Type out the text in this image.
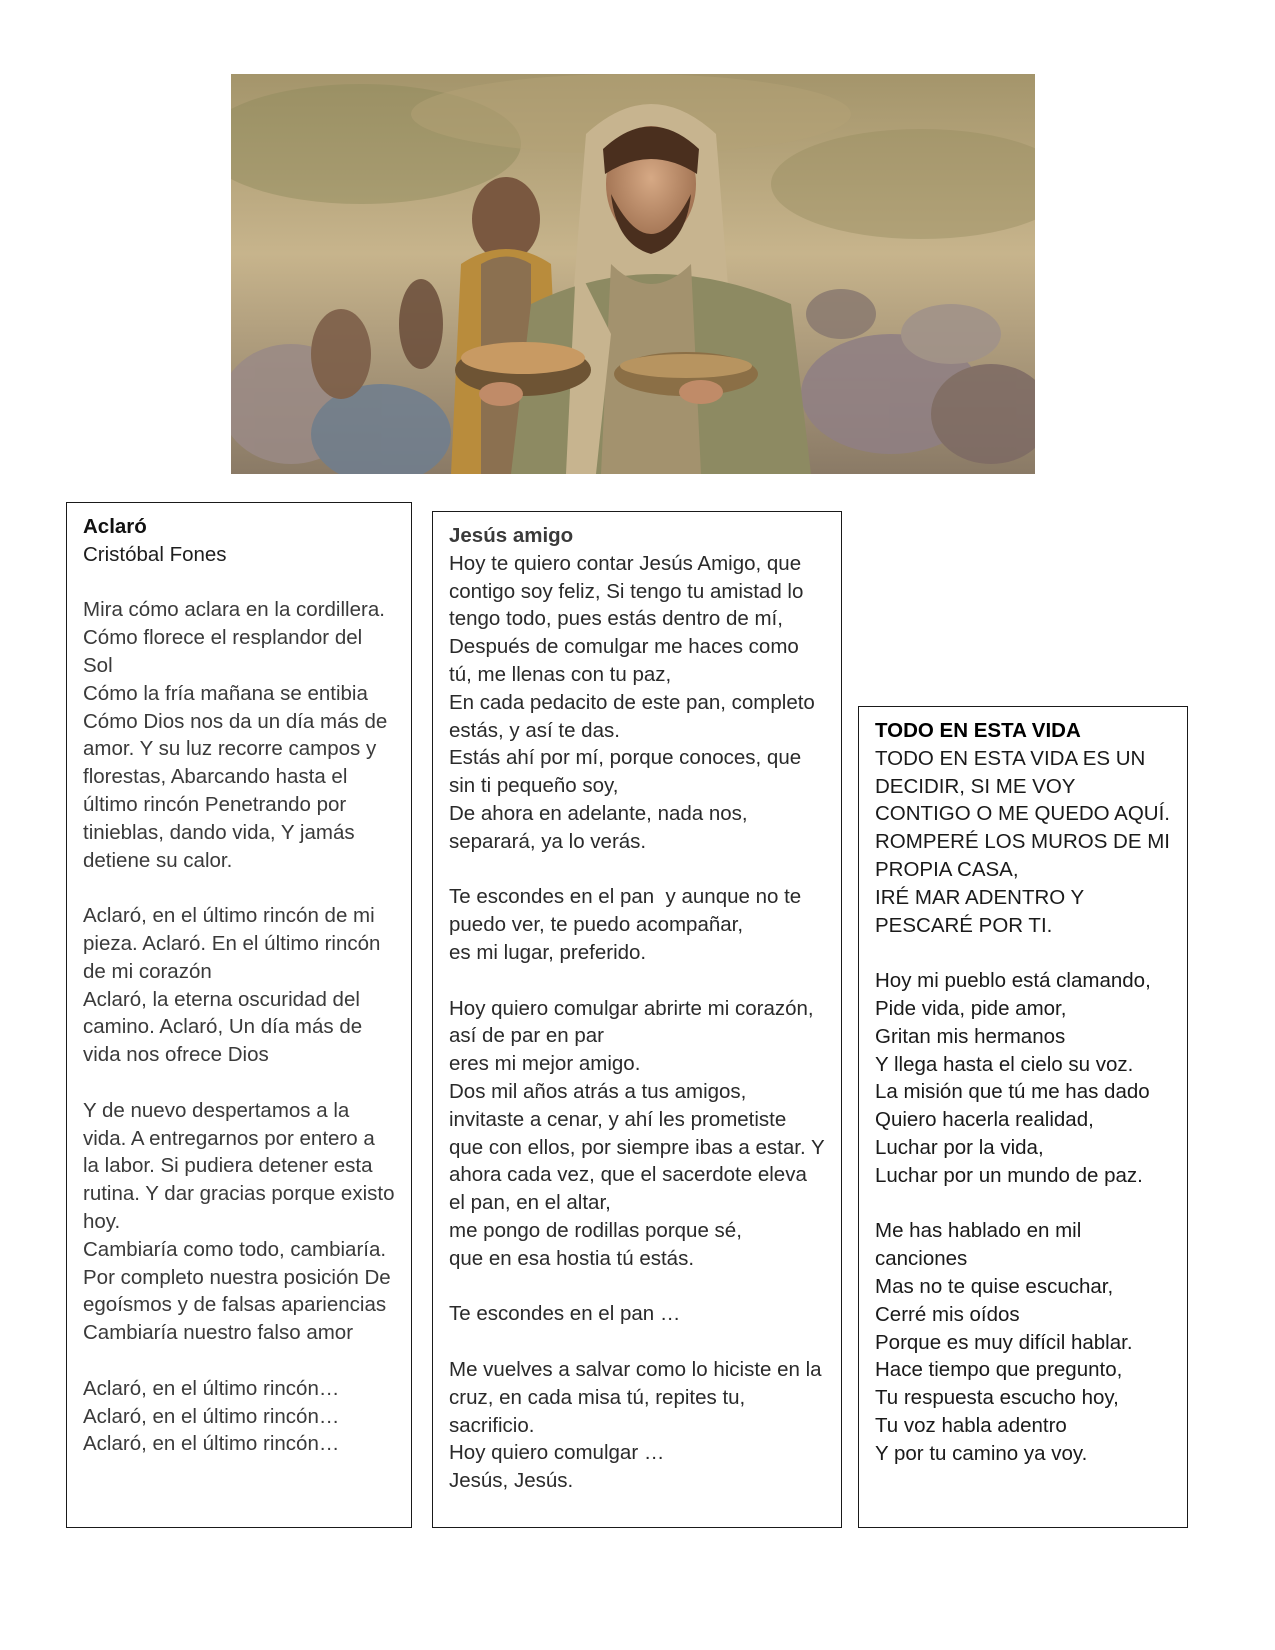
Aclaró
Cristóbal Fones
Mira cómo aclara en la cordillera. Cómo florece el resplandor del Sol
Cómo la fría mañana se entibia Cómo Dios nos da un día más de amor. Y su luz recorre campos y florestas, Abarcando hasta el último rincón Penetrando por tinieblas, dando vida, Y jamás detiene su calor.
Aclaró, en el último rincón de mi pieza. Aclaró. En el último rincón de mi corazón
Aclaró, la eterna oscuridad del camino. Aclaró, Un día más de vida nos ofrece Dios
Y de nuevo despertamos a la vida. A entregarnos por entero a la labor. Si pudiera detener esta rutina. Y dar gracias porque existo hoy.
Cambiaría como todo, cambiaría. Por completo nuestra posición De egoísmos y de falsas apariencias
Cambiaría nuestro falso amor
Aclaró, en el último rincón…
Aclaró, en el último rincón…
Aclaró, en el último rincón…
Jesús amigo
Hoy te quiero contar Jesús Amigo, que contigo soy feliz, Si tengo tu amistad lo tengo todo, pues estás dentro de mí,
Después de comulgar me haces como tú, me llenas con tu paz,
En cada pedacito de este pan, completo estás, y así te das.
Estás ahí por mí, porque conoces, que sin ti pequeño soy,
De ahora en adelante, nada nos, separará, ya lo verás.
Te escondes en el pan  y aunque no te puedo ver, te puedo acompañar,
es mi lugar, preferido.
Hoy quiero comulgar abrirte mi corazón, así de par en par
eres mi mejor amigo.
Dos mil años atrás a tus amigos, invitaste a cenar, y ahí les prometiste que con ellos, por siempre ibas a estar. Y ahora cada vez, que el sacerdote eleva el pan, en el altar,
me pongo de rodillas porque sé,
que en esa hostia tú estás.
Te escondes en el pan …
Me vuelves a salvar como lo hiciste en la cruz, en cada misa tú, repites tu, sacrificio.
Hoy quiero comulgar …
Jesús, Jesús.
TODO EN ESTA VIDA
TODO EN ESTA VIDA ES UN DECIDIR, SI ME VOY CONTIGO O ME QUEDO AQUÍ.
ROMPERÉ LOS MUROS DE MI PROPIA CASA,
IRÉ MAR ADENTRO Y PESCARÉ POR TI.
Hoy mi pueblo está clamando,
Pide vida, pide amor,
Gritan mis hermanos
Y llega hasta el cielo su voz.
La misión que tú me has dado
Quiero hacerla realidad,
Luchar por la vida,
Luchar por un mundo de paz.
Me has hablado en mil canciones
Mas no te quise escuchar,
Cerré mis oídos
Porque es muy difícil hablar.
Hace tiempo que pregunto,
Tu respuesta escucho hoy,
Tu voz habla adentro
Y por tu camino ya voy.
